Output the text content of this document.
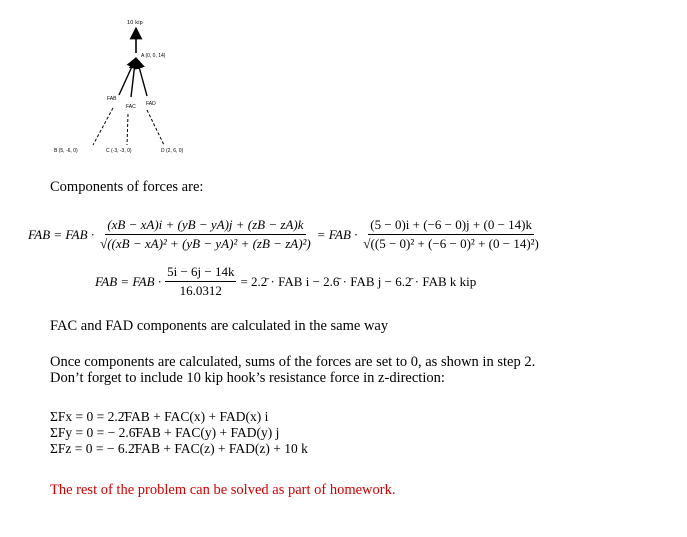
10 kip
A (0, 0, 14)
FAB
FAC FAD
B (5, -6, 0)	C (-3, -3, 0)	D (2, 6, 0)
Components of forces are:
FAB = FAB · $\frac{(xB - xA)i + (yB - yA)j + (zB - zA)k}{\text{√((xB − xA)² + (yB − yA)² + (zB − zA)²)}}$ = FAB · $\frac{(5 - 0)i + (-6 - 0)j + (0 - 14)k}{\text{√((5 − 0)² + (−6 − 0)² + (0 − 14)²)}}$
FAB = FAB · $\frac{5i - 6j - 14k}{16.0312}$ = 2.2̄ · FAB i − 2.6̄ · FAB j − 6.2̄ · FAB k kip
FAC and FAD components are calculated in the same way
Once components are calculated, sums of the forces are set to 0, as shown in step 2.
Don’t forget to include 10 kip hook’s resistance force in z-direction:
ΣFx = 0 = 2.2̄FAB + FAC(x) + FAD(x) i
ΣFy = 0 = − 2.6̄FAB + FAC(y) + FAD(y) j
ΣFz = 0 = − 6.2̄FAB + FAC(z) + FAD(z) + 10 k
The rest of the problem can be solved as part of homework.
